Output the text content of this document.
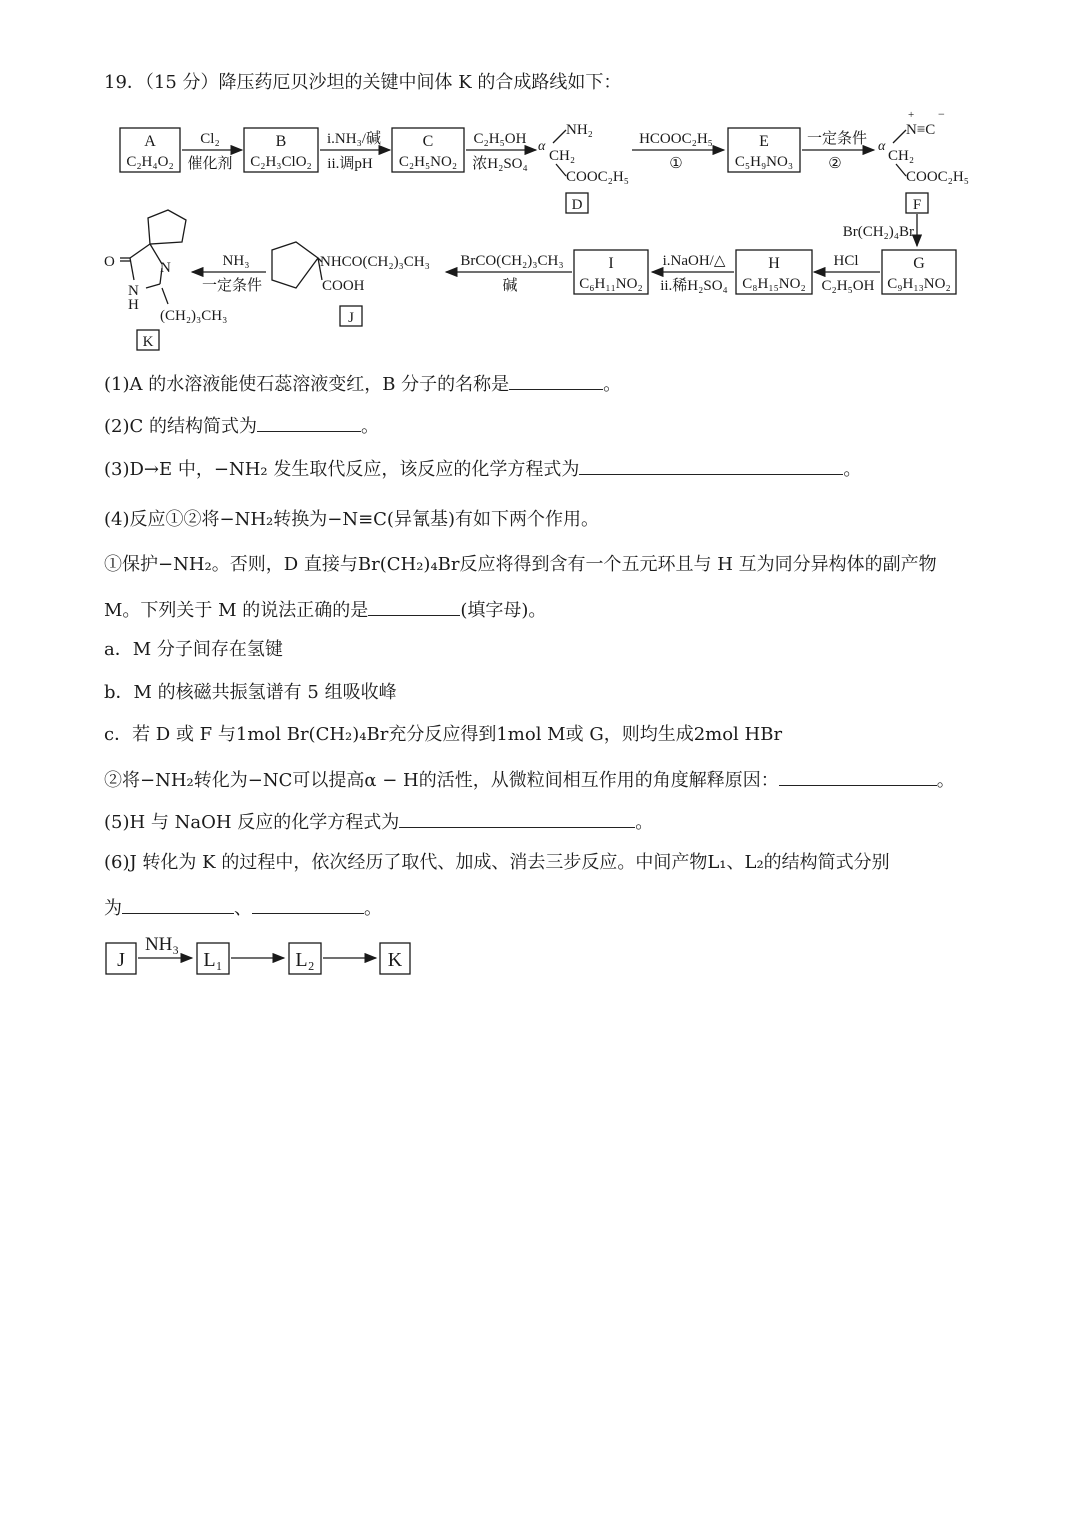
19．（15 分）降压药厄贝沙坦的关键中间体 K 的合成路线如下：
A
C₂H₄O₂
Cl₂
催化剂
B
C₂H₃ClO₂
i.NH₃/碱
ii.调pH
C
C₂H₅NO₂
C₂H₅OH
浓H₂SO₄
α
NH₂
CH₂
COOC₂H₅
D
HCOOC₂H₅
①
E
C₅H₉NO₃
一定条件
②
α
+ −
N≡C
CH₂
COOC₂H₅
F
Br(CH₂)₄Br
G
C₉H₁₃NO₂
HCl
C₂H₅OH
H
C₈H₁₅NO₂
i.NaOH/△
ii.稀H₂SO₄
I
C₆H₁₁NO₂
BrCO(CH₂)₃CH₃
碱
NHCO(CH₂)₃CH₃
COOH
J
NH₃
一定条件
O	N
N
H
(CH₂)₃CH₃
K
J
NH₃
L₁	L₂	K
(1)A 的水溶液能使石蕊溶液变红，B 分子的名称是	。
(2)C 的结构简式为	。
(3)D→E 中，−NH₂ 发生取代反应，该反应的化学方程式为	。
(4)反应①②将−NH₂转换为−N≡C(异氰基)有如下两个作用。
①保护−NH₂。否则，D 直接与Br(CH₂)₄Br反应将得到含有一个五元环且与 H 互为同分异构体的副产物
M。下列关于 M 的说法正确的是	(填字母)。
a．M 分子间存在氢键
b．M 的核磁共振氢谱有 5 组吸收峰
c．若 D 或 F 与1mol Br(CH₂)₄Br充分反应得到1mol M或 G，则均生成2mol HBr
②将−NH₂转化为−NC可以提高α − H的活性，从微粒间相互作用的角度解释原因：	。
(5)H 与 NaOH 反应的化学方程式为	。
(6)J 转化为 K 的过程中，依次经历了取代、加成、消去三步反应。中间产物L₁、L₂的结构简式分别
为	、	。
